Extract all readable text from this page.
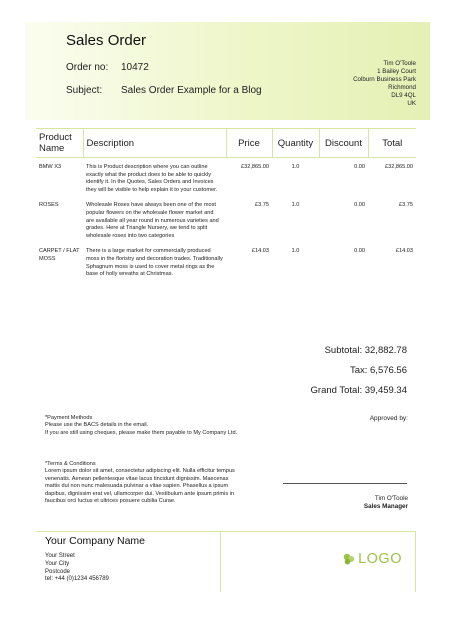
Sales Order
Order no: 10472
Subject: Sales Order Example for a Blog
Tim O'Toole
1 Bailey Court
Colburn Business Park
Richmond
DL9 4QL
UK
Product Name	Description	Price	Quantity	Discount	Total
BMW X3	This is Product description where you can outline exactly what the product does to be able to quickly identify it. In the Quotes, Sales Orders and Invoices they will be visible to help explain it to your customer.	£32,865.00	1.0	0.00	£32,865.00
ROSES	Wholesale Roses have always been one of the most popular flowers on the wholesale flower market and are available all year round in numerous varieties and grades. Here at Triangle Nursery, we tend to split wholesale roses into two categories	£3.75	1.0	0.00	£3.75
CARPET / FLAT MOSS	There is a large market for commercially produced moss in the floristry and decoration trades. Traditionally Sphagnum moss is used to cover metal rings as the base of holly wreaths at Christmas.	£14.03	1.0	0.00	£14.03
Subtotal: 32,882.78
Tax: 6,576.56
Grand Total: 39,459.34
*Payment Methods
Please use the BACS details in the email.
If you are still using cheques, please make them payable to My Company Ltd.
*Terms & Conditions
Lorem ipsum dolor sit amet, consectetur adipiscing elit. Nulla efficitur tempus venenatis. Aenean pellentesque vitae lacus tincidunt dignissim. Maecenas mattis dui non nunc malesuada pulvinar a vitae sapien. Phasellus a ipsum dapibus, dignissim erat vel, ullamcorper dui. Vestibulum ante ipsum primis in faucibus orci luctus et ultrices posuere cubilia Curae.
Approved by:
Tim O'Toole
Sales Manager
Your Company Name
Your Street
Your City
Postcode
tel: +44 (0)1234 456789
LOGO
